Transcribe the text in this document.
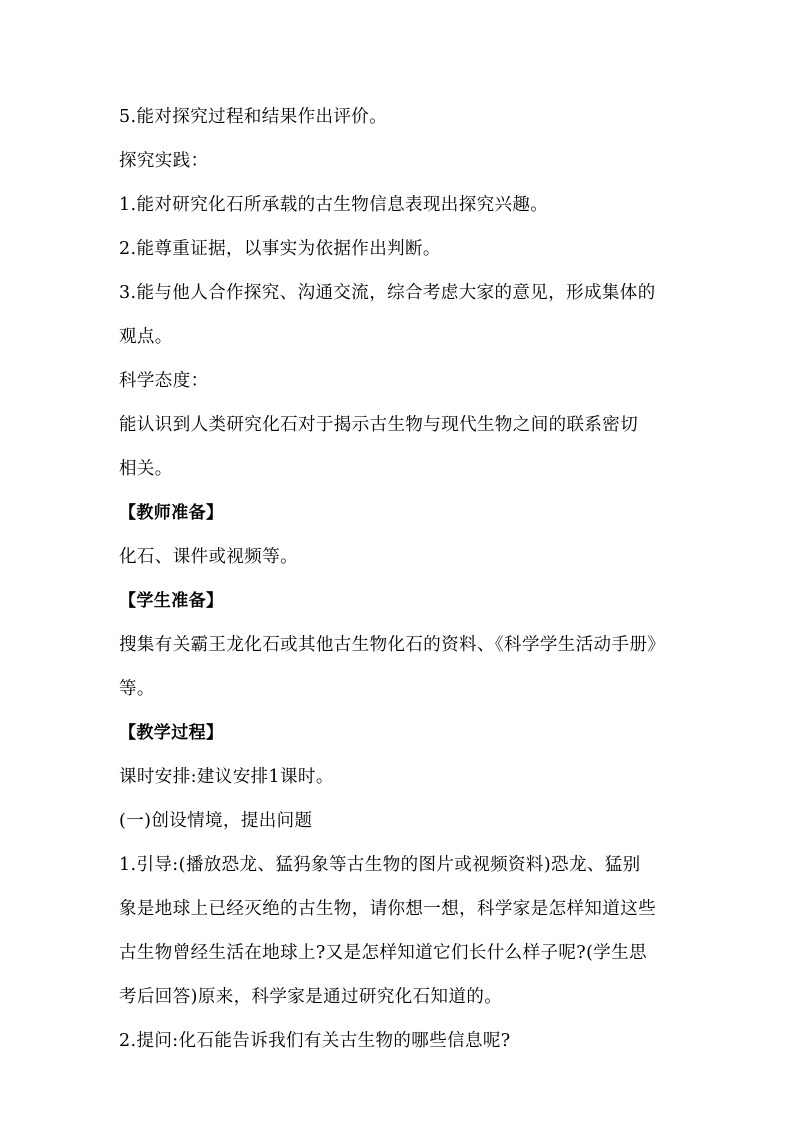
5.能对探究过程和结果作出评价。
探究实践：
1.能对研究化石所承载的古生物信息表现出探究兴趣。
2.能尊重证据，以事实为依据作出判断。
3.能与他人合作探究、沟通交流，综合考虑大家的意见，形成集体的
观点。
科学态度：
能认识到人类研究化石对于揭示古生物与现代生物之间的联系密切
相关。
【教师准备】
化石、课件或视频等。
【学生准备】
搜集有关霸王龙化石或其他古生物化石的资料、《科学学生活动手册》
等。
【教学过程】
课时安排:建议安排1课时。
(一)创设情境，提出问题
1.引导:(播放恐龙、猛犸象等古生物的图片或视频资料)恐龙、猛别
象是地球上已经灭绝的古生物，请你想一想，科学家是怎样知道这些
古生物曾经生活在地球上?又是怎样知道它们长什么样子呢?(学生思
考后回答)原来，科学家是通过研究化石知道的。
2.提问:化石能告诉我们有关古生物的哪些信息呢?
